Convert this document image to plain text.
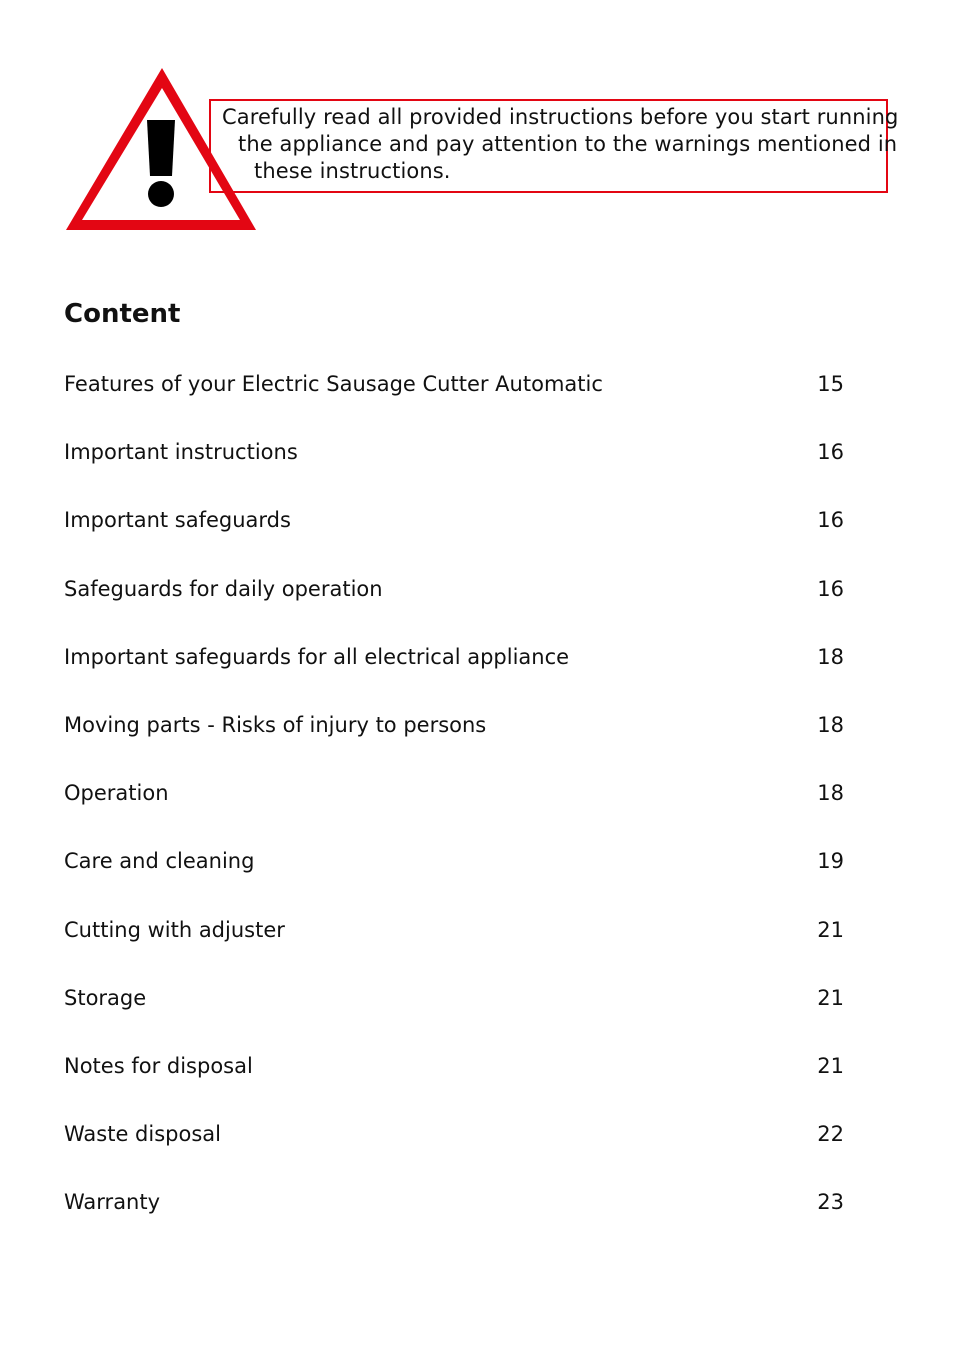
Carefully read all provided instructions before you start running
the appliance and pay attention to the warnings mentioned in
these instructions.
Content
Features of your Electric Sausage Cutter Automatic	15
Important instructions	16
Important safeguards	16
Safeguards for daily operation	16
Important safeguards for all electrical appliance	18
Moving parts - Risks of injury to persons	18
Operation	18
Care and cleaning	19
Cutting with adjuster	21
Storage	21
Notes for disposal	21
Waste disposal	22
Warranty	23
